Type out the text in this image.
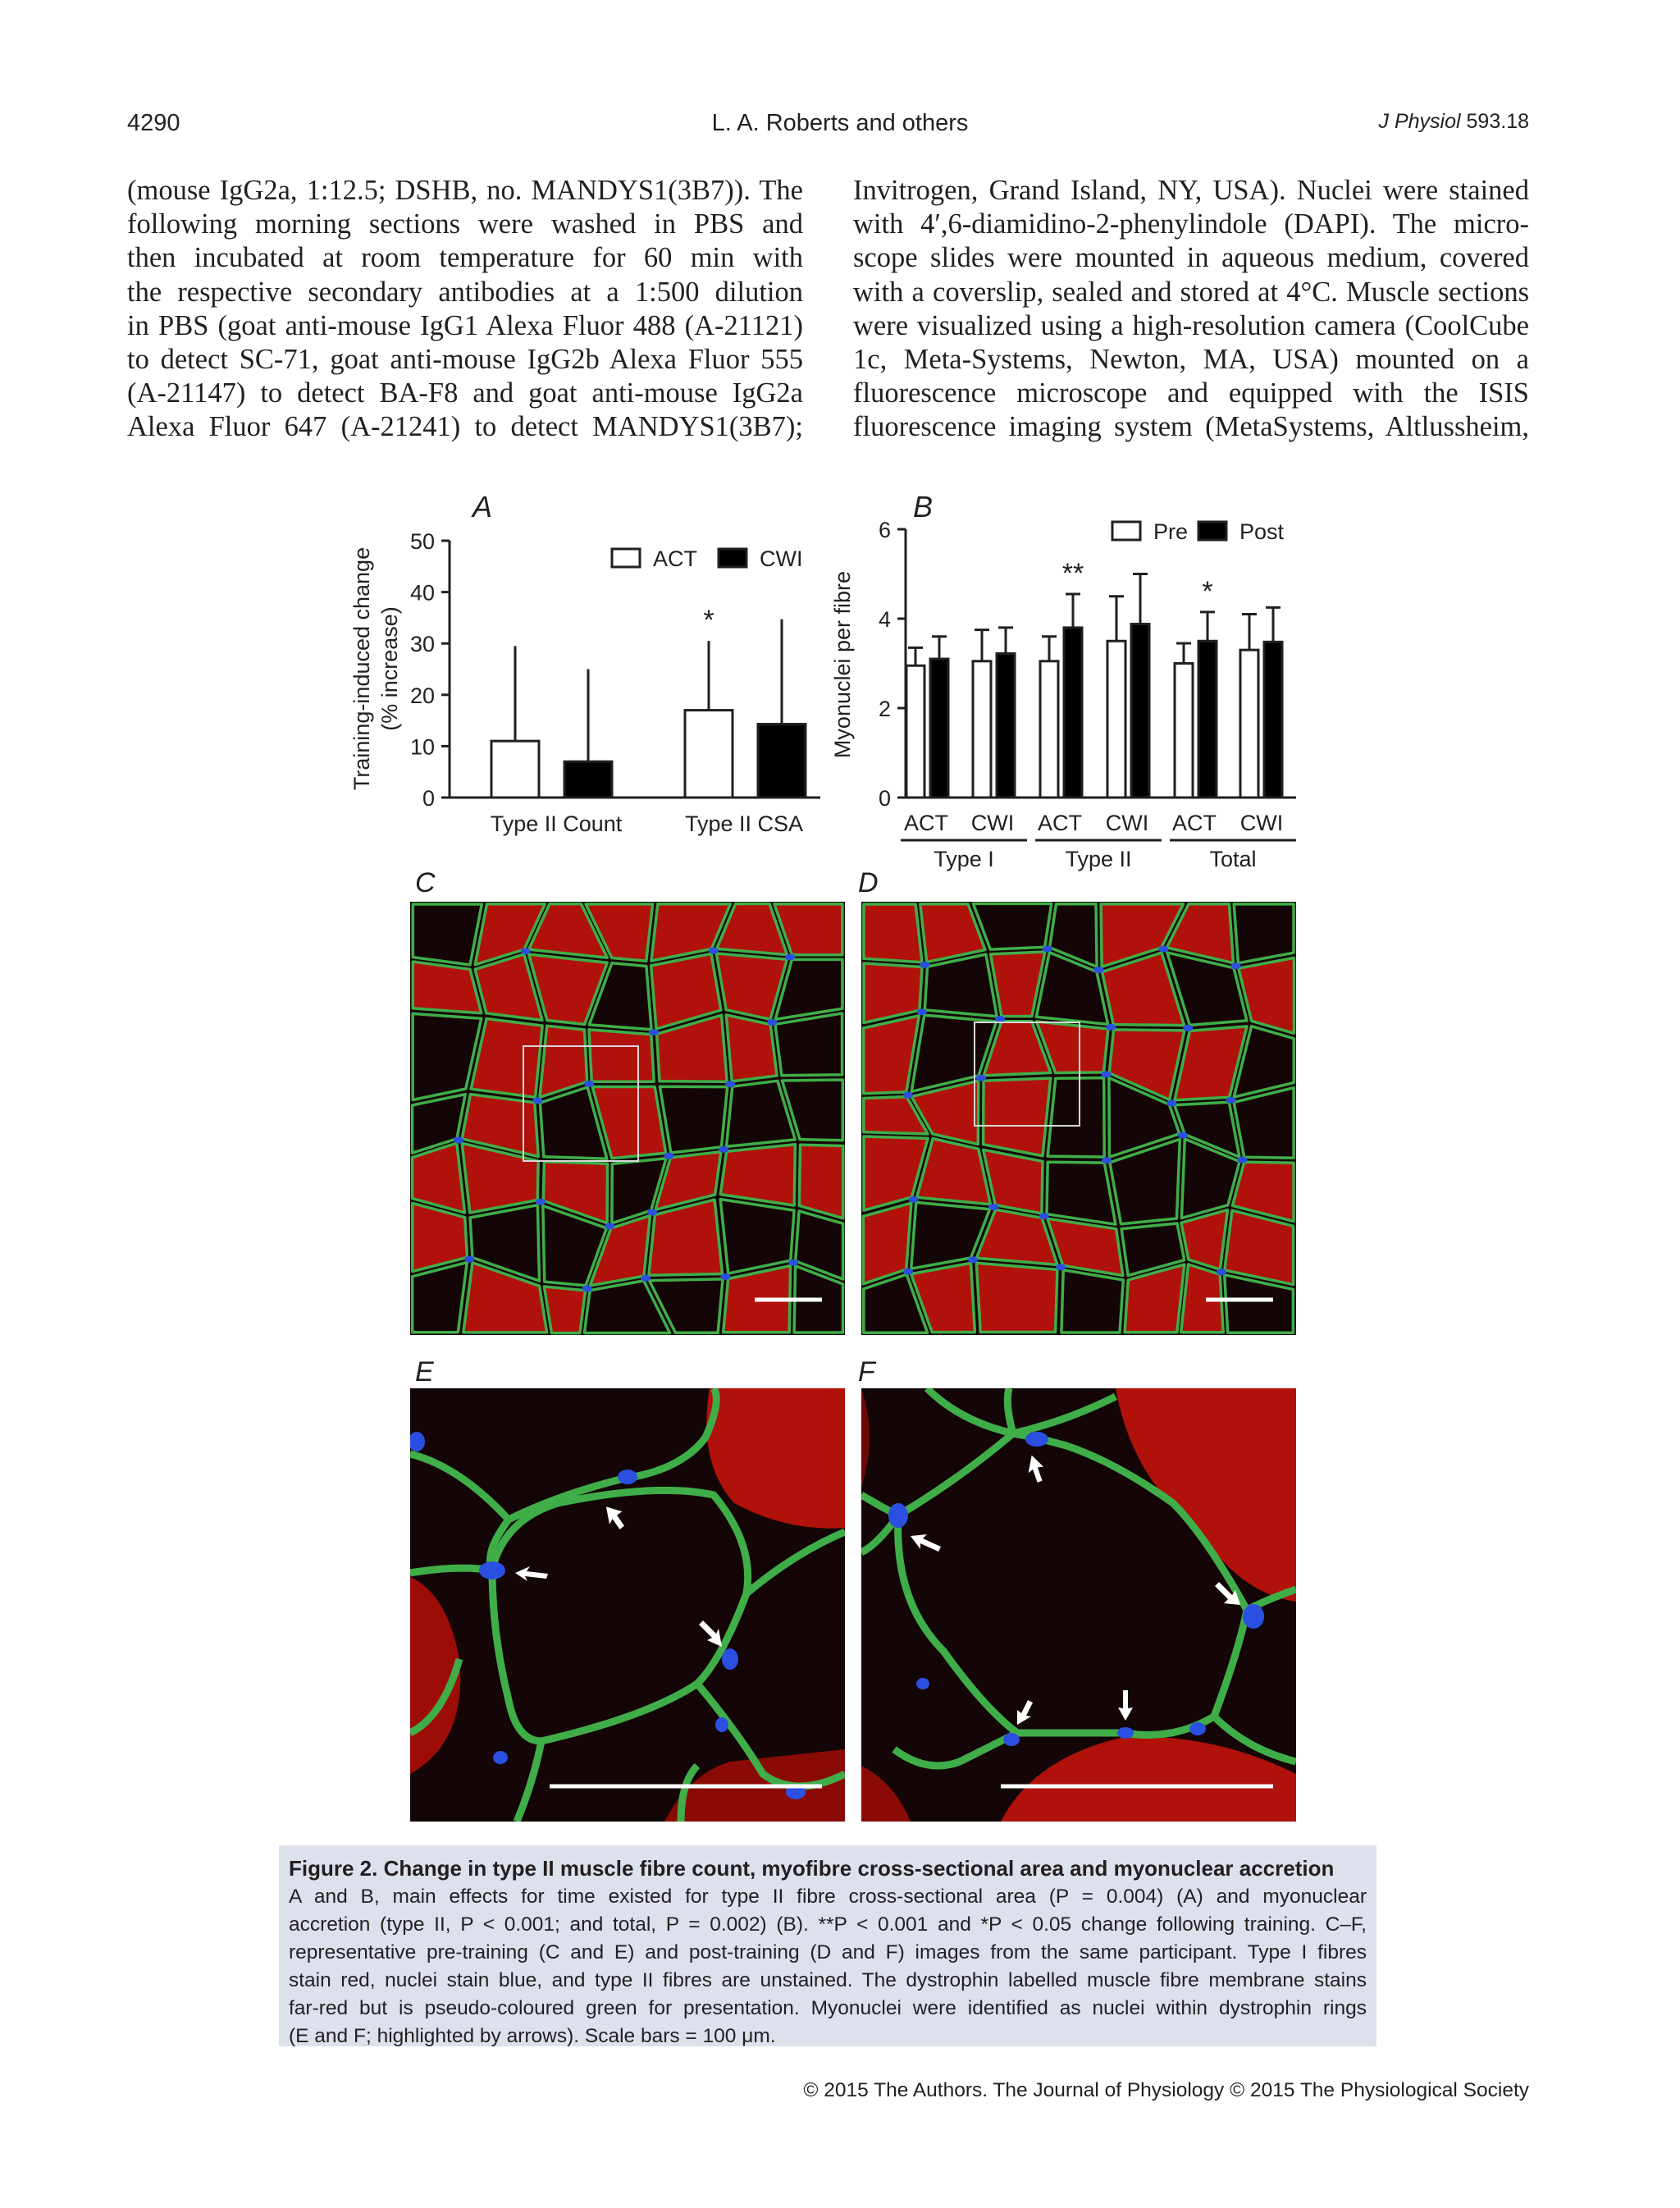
4290	L. A. Roberts and others	J Physiol 593.18
(mouse IgG2a, 1:12.5; DSHB, no. MANDYS1(3B7)). The
following morning sections were washed in PBS and
then incubated at room temperature for 60 min with
the respective secondary antibodies at a 1:500 dilution
in PBS (goat anti-mouse IgG1 Alexa Fluor 488 (A-21121)
to detect SC-71, goat anti-mouse IgG2b Alexa Fluor 555
(A-21147) to detect BA-F8 and goat anti-mouse IgG2a
Alexa Fluor 647 (A-21241) to detect MANDYS1(3B7);
Invitrogen, Grand Island, NY, USA). Nuclei were stained
with 4′,6-diamidino-2-phenylindole (DAPI). The micro-
scope slides were mounted in aqueous medium, covered
with a coverslip, sealed and stored at 4°C. Muscle sections
were visualized using a high-resolution camera (CoolCube
1c, Meta-Systems, Newton, MA, USA) mounted on a
fluorescence microscope and equipped with the ISIS
fluorescence imaging system (MetaSystems, Altlussheim,
A
0
10
20
30
40
50
Training-induced change (% increase)	*
ACT	CWI
Type II Count	Type II CSA
B
0
2
4
6
Myonuclei per fibre	**
*
Pre Post
ACT CWI ACT CWI ACT CWI
Type I	Type II	Total
C	D
E	F
Figure 2. Change in type II muscle fibre count, myofibre cross-sectional area and myonuclear accretion
A and B, main effects for time existed for type II fibre cross-sectional area (P = 0.004) (A) and myonuclear
accretion (type II, P < 0.001; and total, P = 0.002) (B). **P < 0.001 and *P < 0.05 change following training. C–F,
representative pre-training (C and E) and post-training (D and F) images from the same participant. Type I fibres
stain red, nuclei stain blue, and type II fibres are unstained. The dystrophin labelled muscle fibre membrane stains
far-red but is pseudo-coloured green for presentation. Myonuclei were identified as nuclei within dystrophin rings
(E and F; highlighted by arrows). Scale bars = 100 μm.
© 2015 The Authors. The Journal of Physiology © 2015 The Physiological Society
